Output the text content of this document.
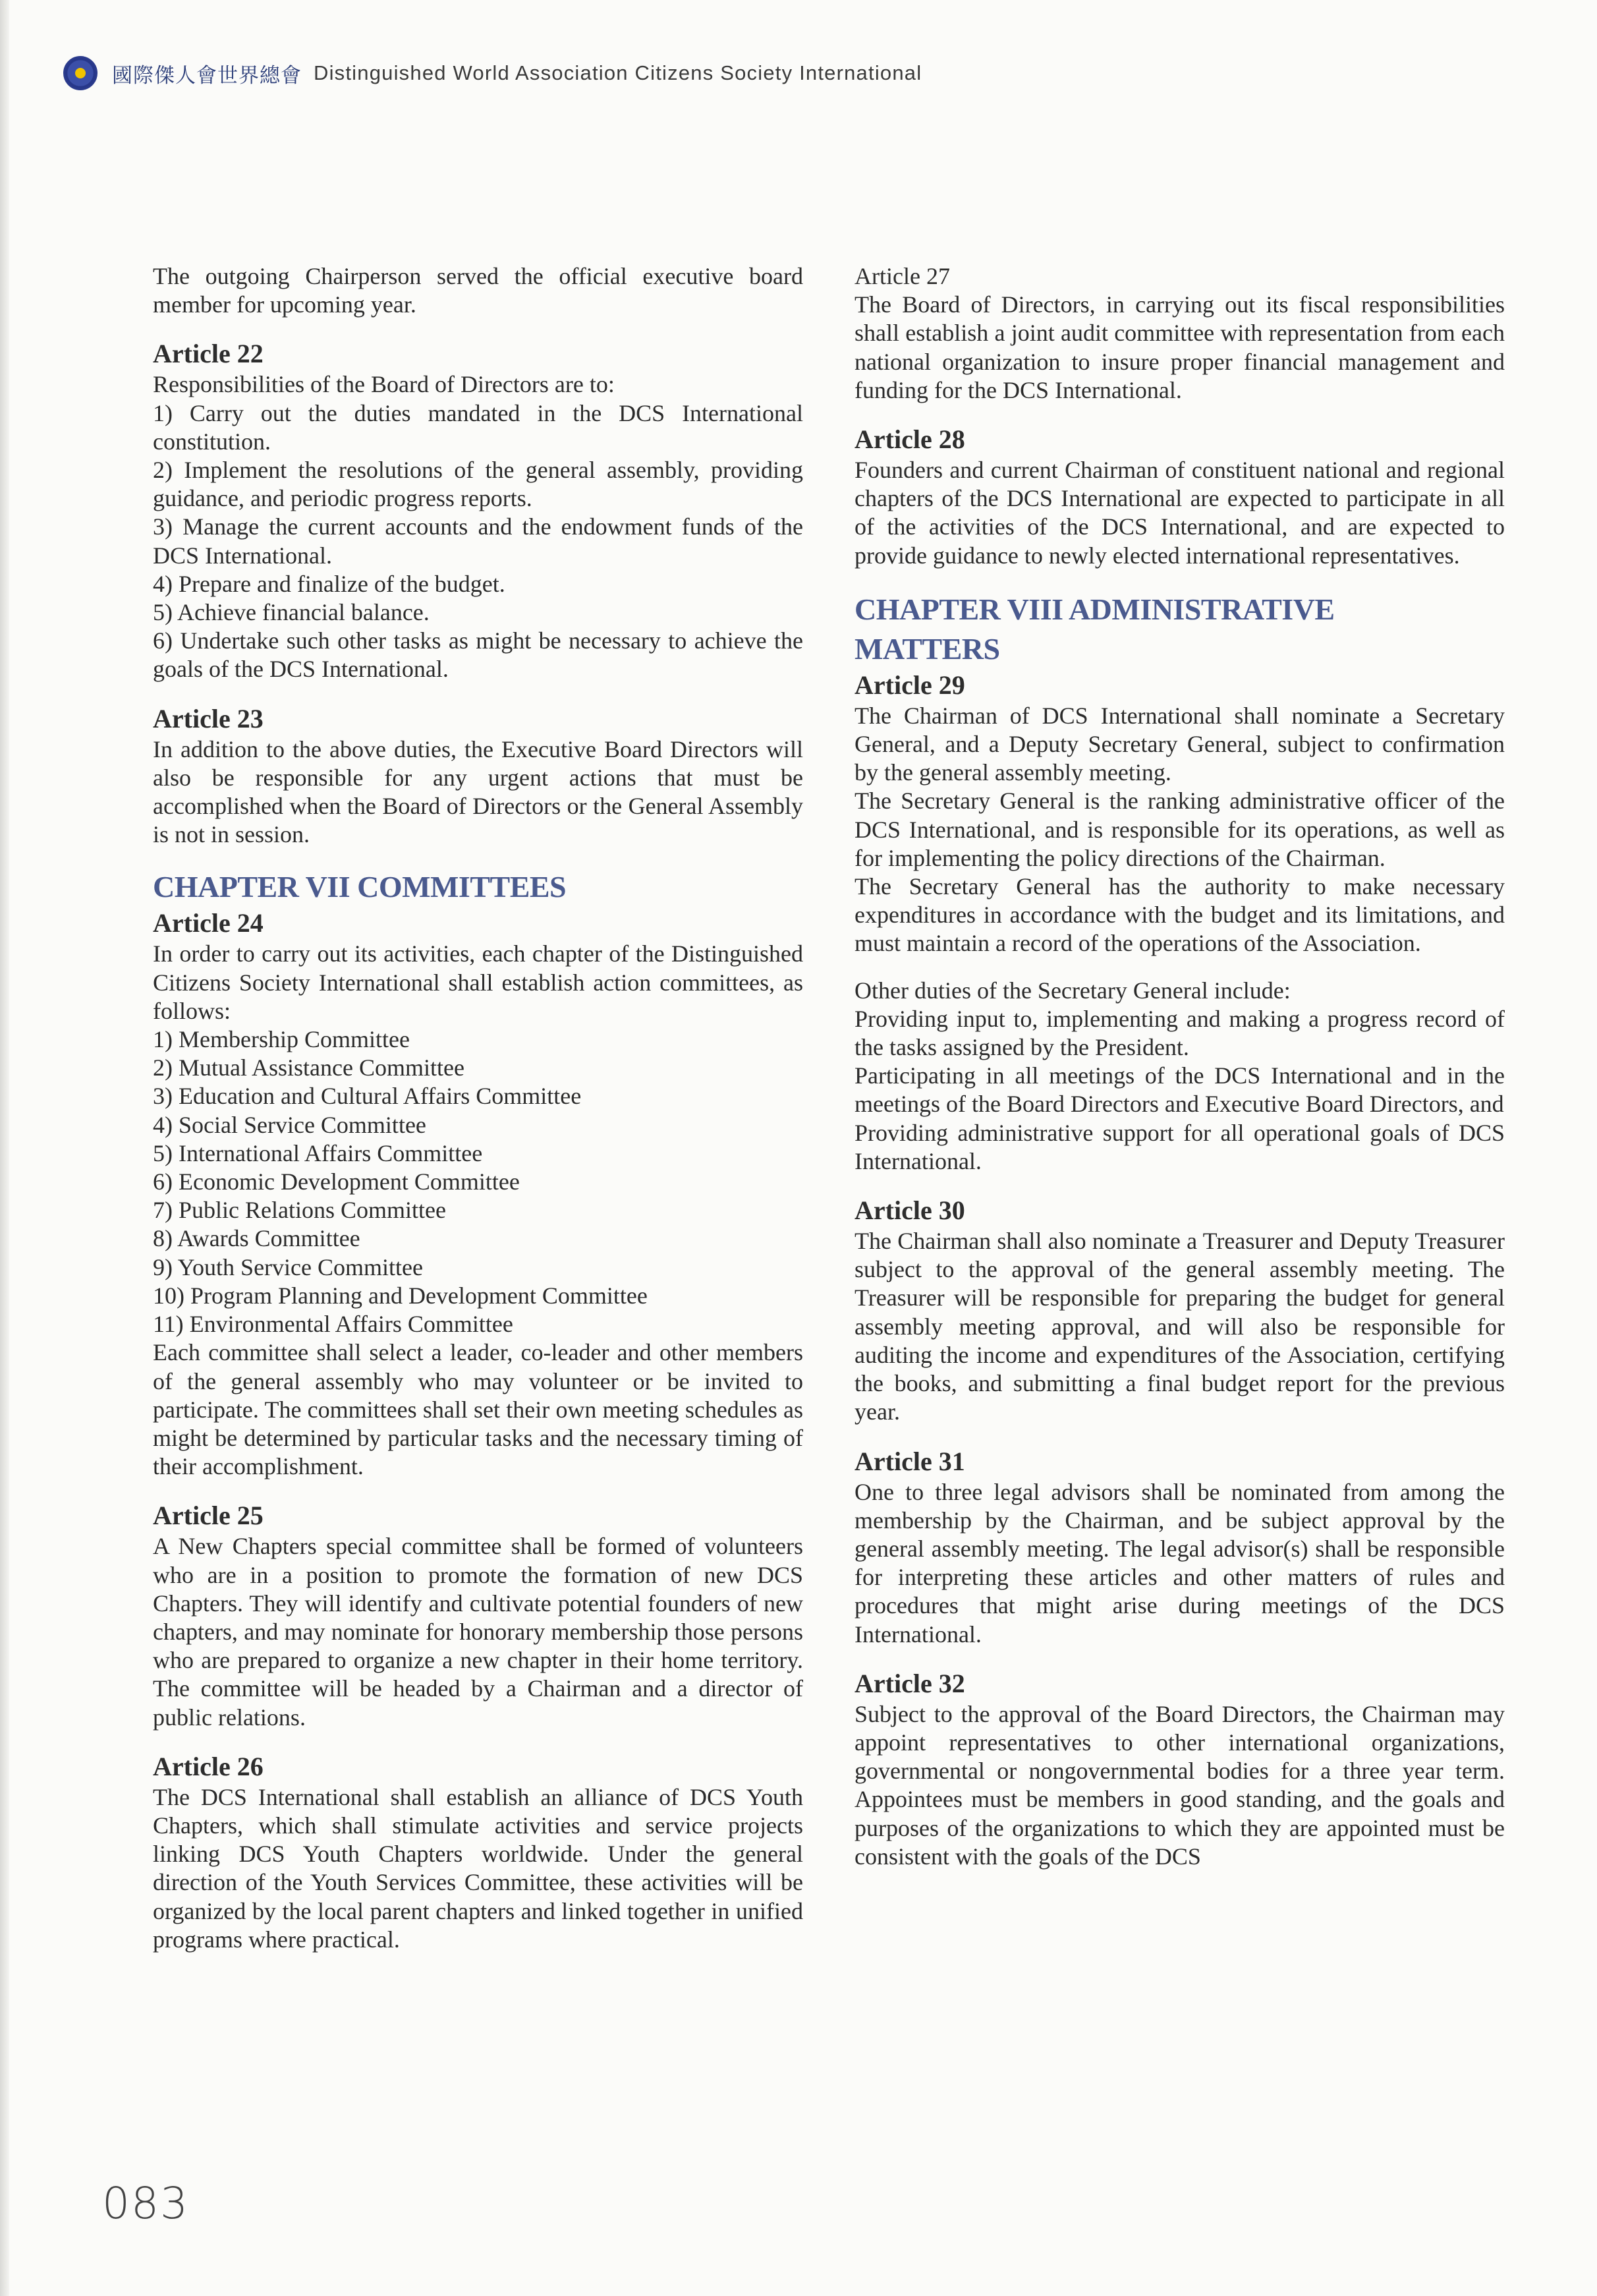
國際傑人會世界總會 Distinguished World Association Citizens Society International

The outgoing Chairperson served the official executive board member for upcoming year.

Article 22

Responsibilities of the Board of Directors are to:

1) Carry out the duties mandated in the DCS International constitution.

2) Implement the resolutions of the general assembly, providing guidance, and periodic progress reports.

3) Manage the current accounts and the endowment funds of the DCS International.

4) Prepare and finalize of the budget.

5) Achieve financial balance.

6) Undertake such other tasks as might be necessary to achieve the goals of the DCS International.

Article 23

In addition to the above duties, the Executive Board Directors will also be responsible for any urgent actions that must be accomplished when the Board of Directors or the General Assembly is not in session.

CHAPTER VII COMMITTEES
Article 24

In order to carry out its activities, each chapter of the Distinguished Citizens Society International shall establish action committees, as follows:

1) Membership Committee

2) Mutual Assistance Committee

3) Education and Cultural Affairs Committee

4) Social Service Committee

5) International Affairs Committee

6) Economic Development Committee

7) Public Relations Committee

8) Awards Committee

9) Youth Service Committee

10) Program Planning and Development Committee

11) Environmental Affairs Committee

Each committee shall select a leader, co-leader and other members of the general assembly who may volunteer or be invited to participate. The committees shall set their own meeting schedules as might be determined by particular tasks and the necessary timing of their accomplishment.

Article 25

A New Chapters special committee shall be formed of volunteers who are in a position to promote the formation of new DCS Chapters. They will identify and cultivate potential founders of new chapters, and may nominate for honorary membership those persons who are prepared to organize a new chapter in their home territory. The committee will be headed by a Chairman and a director of public relations.

Article 26

The DCS International shall establish an alliance of DCS Youth Chapters, which shall stimulate activities and service projects linking DCS Youth Chapters worldwide. Under the general direction of the Youth Services Committee, these activities will be organized by the local parent chapters and linked together in unified programs where practical.

Article 27

The Board of Directors, in carrying out its fiscal responsibilities shall establish a joint audit committee with representation from each national organization to insure proper financial management and funding for the DCS International.

Article 28

Founders and current Chairman of constituent national and regional chapters of the DCS International are expected to participate in all of the activities of the DCS International, and are expected to provide guidance to newly elected international representatives.

CHAPTER VIII ADMINISTRATIVE
MATTERS
Article 29

The Chairman of DCS International shall nominate a Secretary General, and a Deputy Secretary General, subject to confirmation by the general assembly meeting.

The Secretary General is the ranking administrative officer of the DCS International, and is responsible for its operations, as well as for implementing the policy directions of the Chairman.

The Secretary General has the authority to make necessary expenditures in accordance with the budget and its limitations, and must maintain a record of the operations of the Association.

Other duties of the Secretary General include:

Providing input to, implementing and making a progress record of the tasks assigned by the President.

Participating in all meetings of the DCS International and in the meetings of the Board Directors and Executive Board Directors, and

Providing administrative support for all operational goals of DCS International.

Article 30

The Chairman shall also nominate a Treasurer and Deputy Treasurer subject to the approval of the general assembly meeting. The Treasurer will be responsible for preparing the budget for general assembly meeting approval, and will also be responsible for auditing the income and expenditures of the Association, certifying the books, and submitting a final budget report for the previous year.

Article 31

One to three legal advisors shall be nominated from among the membership by the Chairman, and be subject approval by the general assembly meeting. The legal advisor(s) shall be responsible for interpreting these articles and other matters of rules and procedures that might arise during meetings of the DCS International.

Article 32

Subject to the approval of the Board Directors, the Chairman may appoint representatives to other international organizations, governmental or nongovernmental bodies for a three year term. Appointees must be members in good standing, and the goals and purposes of the organizations to which they are appointed must be consistent with the goals of the DCS

083
